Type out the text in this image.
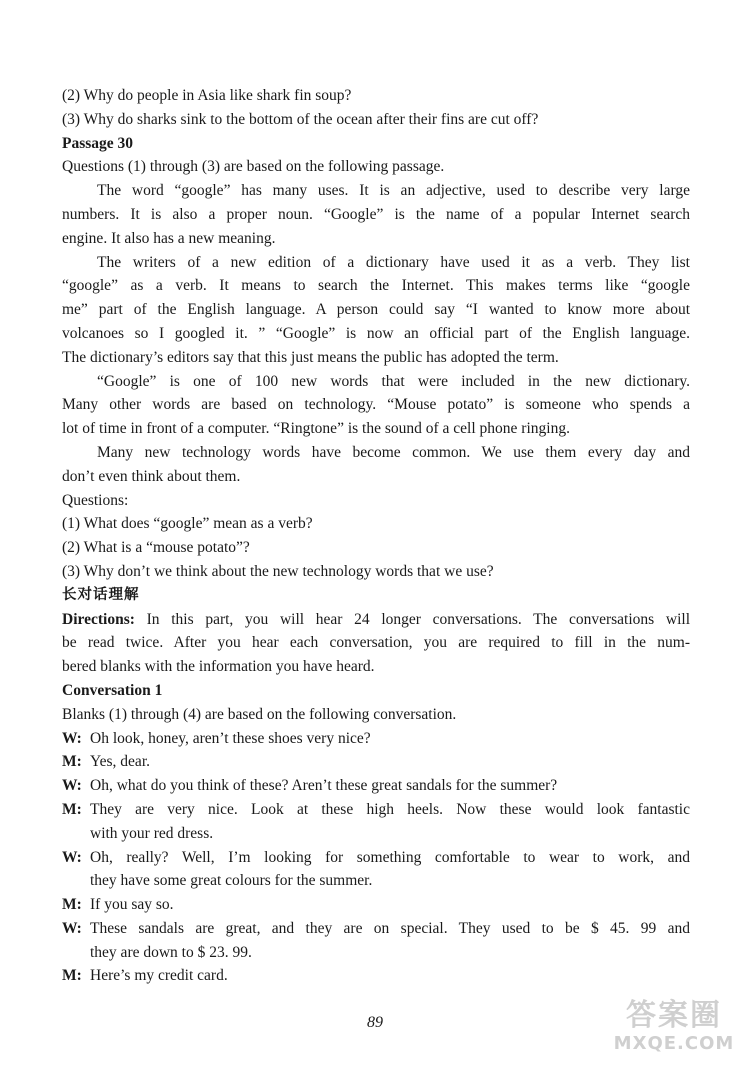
(2) Why do people in Asia like shark fin soup?
(3) Why do sharks sink to the bottom of the ocean after their fins are cut off?
Passage 30
Questions (1) through (3) are based on the following passage.
The word “google” has many uses. It is an adjective, used to describe very large
numbers. It is also a proper noun. “Google” is the name of a popular Internet search
engine. It also has a new meaning.
The writers of a new edition of a dictionary have used it as a verb. They list
“google” as a verb. It means to search the Internet. This makes terms like “google
me” part of the English language. A person could say “I wanted to know more about
volcanoes so I googled it. ” “Google” is now an official part of the English language.
The dictionary’s editors say that this just means the public has adopted the term.
“Google” is one of 100 new words that were included in the new dictionary.
Many other words are based on technology. “Mouse potato” is someone who spends a
lot of time in front of a computer. “Ringtone” is the sound of a cell phone ringing.
Many new technology words have become common. We use them every day and
don’t even think about them.
Questions:
(1) What does “google” mean as a verb?
(2) What is a “mouse potato”?
(3) Why don’t we think about the new technology words that we use?
长对话理解
Directions: In this part, you will hear 24 longer conversations. The conversations will
be read twice. After you hear each conversation, you are required to fill in the num-
bered blanks with the information you have heard.
Conversation 1
Blanks (1) through (4) are based on the following conversation.
W: Oh look, honey, aren’t these shoes very nice?
M: Yes, dear.
W: Oh, what do you think of these? Aren’t these great sandals for the summer?
M: They are very nice. Look at these high heels. Now these would look fantastic
with your red dress.
W: Oh, really? Well, I’m looking for something comfortable to wear to work, and
they have some great colours for the summer.
M: If you say so.
W: These sandals are great, and they are on special. They used to be $ 45. 99 and
they are down to $ 23. 99.
M: Here’s my credit card.
89	答案圈
MXQE.COM
